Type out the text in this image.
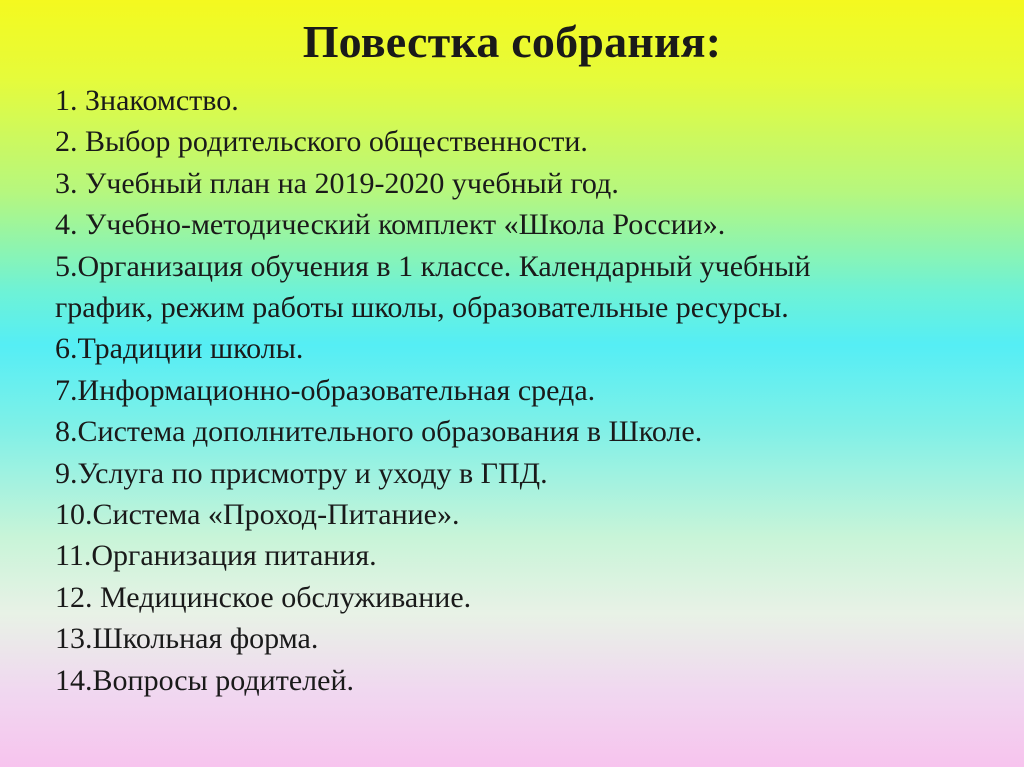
Повестка собрания:
1. Знакомство.
2. Выбор родительского общественности.
3. Учебный план на 2019-2020 учебный год.
4. Учебно-методический комплект «Школа России».
5.Организация обучения в 1 классе. Календарный учебный
график, режим работы школы, образовательные ресурсы.
6.Традиции школы.
7.Информационно-образовательная среда.
8.Система дополнительного образования в Школе.
9.Услуга по присмотру и уходу в ГПД.
10.Система «Проход-Питание».
11.Организация питания.
12. Медицинское обслуживание.
13.Школьная форма.
14.Вопросы родителей.
